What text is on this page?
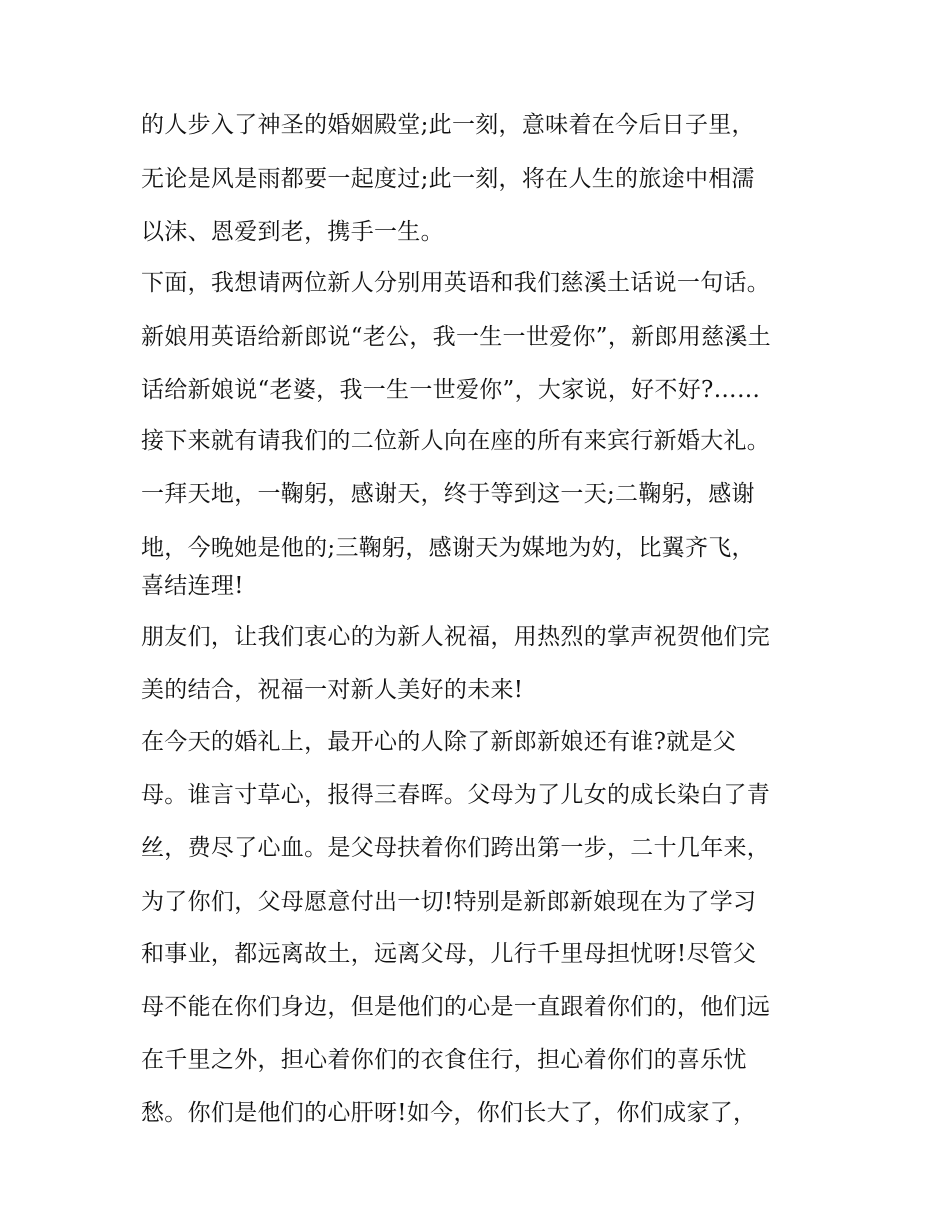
的人步入了神圣的婚姻殿堂;此一刻，意味着在今后日子里，
无论是风是雨都要一起度过;此一刻，将在人生的旅途中相濡
以沫、恩爱到老，携手一生。
下面，我想请两位新人分别用英语和我们慈溪土话说一句话。
新娘用英语给新郎说“老公，我一生一世爱你”，新郎用慈溪土
话给新娘说“老婆，我一生一世爱你”，大家说，好不好?……
接下来就有请我们的二位新人向在座的所有来宾行新婚大礼。
一拜天地，一鞠躬，感谢天，终于等到这一天;二鞠躬，感谢
地，今晚她是他的;三鞠躬，感谢天为媒地为妁，比翼齐飞，
喜结连理!
朋友们，让我们衷心的为新人祝福，用热烈的掌声祝贺他们完
美的结合，祝福一对新人美好的未来!
在今天的婚礼上，最开心的人除了新郎新娘还有谁?就是父
母。谁言寸草心，报得三春晖。父母为了儿女的成长染白了青
丝，费尽了心血。是父母扶着你们跨出第一步，二十几年来，
为了你们，父母愿意付出一切!特别是新郎新娘现在为了学习
和事业，都远离故土，远离父母，儿行千里母担忧呀!尽管父
母不能在你们身边，但是他们的心是一直跟着你们的，他们远
在千里之外，担心着你们的衣食住行，担心着你们的喜乐忧
愁。你们是他们的心肝呀!如今，你们长大了，你们成家了，
